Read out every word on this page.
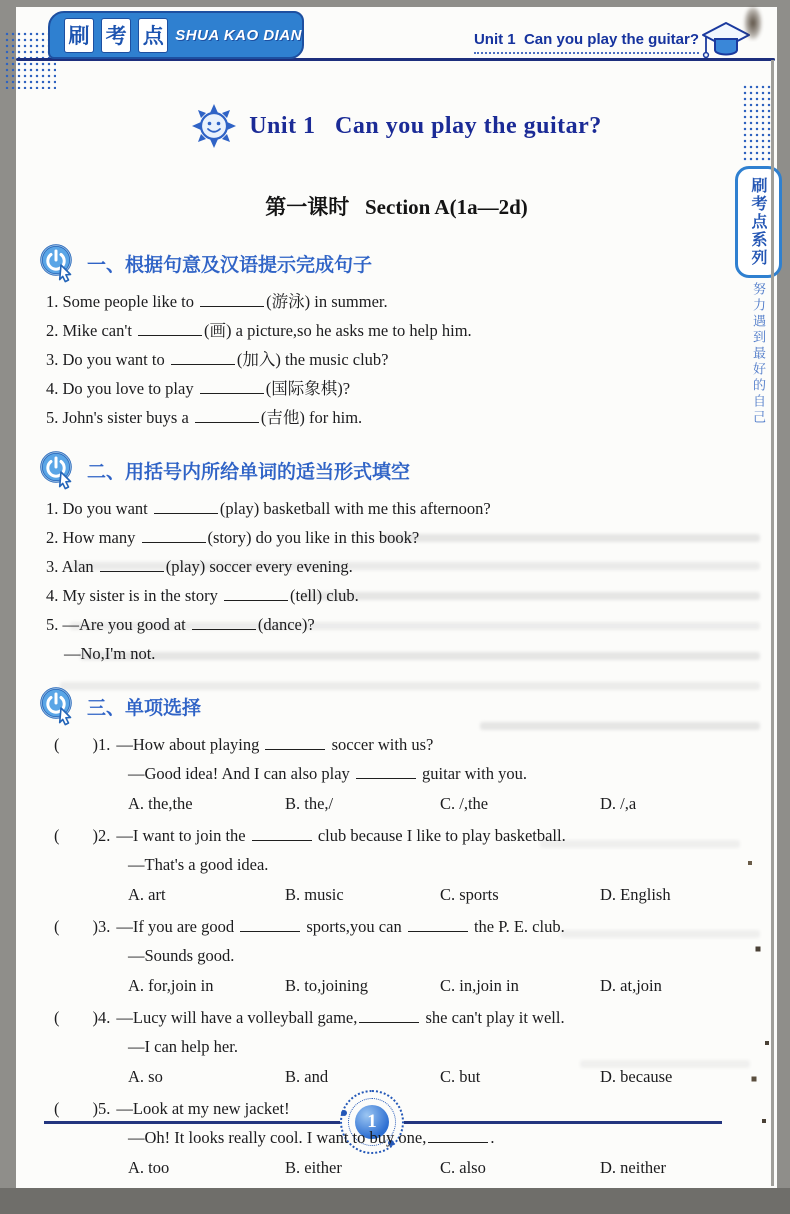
刷 考 点 SHUA KAO DIAN	Unit 1  Can you play the guitar?
Unit 1   Can you play the guitar?
第一课时   Section A(1a—2d)
一、根据句意及汉语提示完成句子
1. Some people like to	(游泳) in summer.
2. Mike can't	(画) a picture,so he asks me to help him.
3. Do you want to	(加入) the music club?
4. Do you love to play	(国际象棋)?
5. John's sister buys a	(吉他) for him.
二、用括号内所给单词的适当形式填空
1. Do you want	(play) basketball with me this afternoon?
2. How many	(story) do you like in this book?
3. Alan	(play) soccer every evening.
4. My sister is in the story	(tell) club.
5. —Are you good at	(dance)?
—No,I'm not.
三、单项选择
(　　)1. —How about playing	soccer with us?
—Good idea! And I can also play	guitar with you.
A. the,the	B. the,/	C. /,the	D. /,a
(　　)2. —I want to join the	club because I like to play basketball.
—That's a good idea.
A. art	B. music	C. sports	D. English
(　　)3. —If you are good	sports,you can	the P. E. club.
—Sounds good.
A. for,join in	B. to,joining	C. in,join in	D. at,join
(　　)4. —Lucy will have a volleyball game,	she can't play it well.
—I can help her.
A. so	B. and	C. but	D. because
(　　)5. —Look at my new jacket!
—Oh! It looks really cool. I want to buy one,	.
A. too	B. either	C. also	D. neither
1
刷考点系列
努力遇到最好的自己
